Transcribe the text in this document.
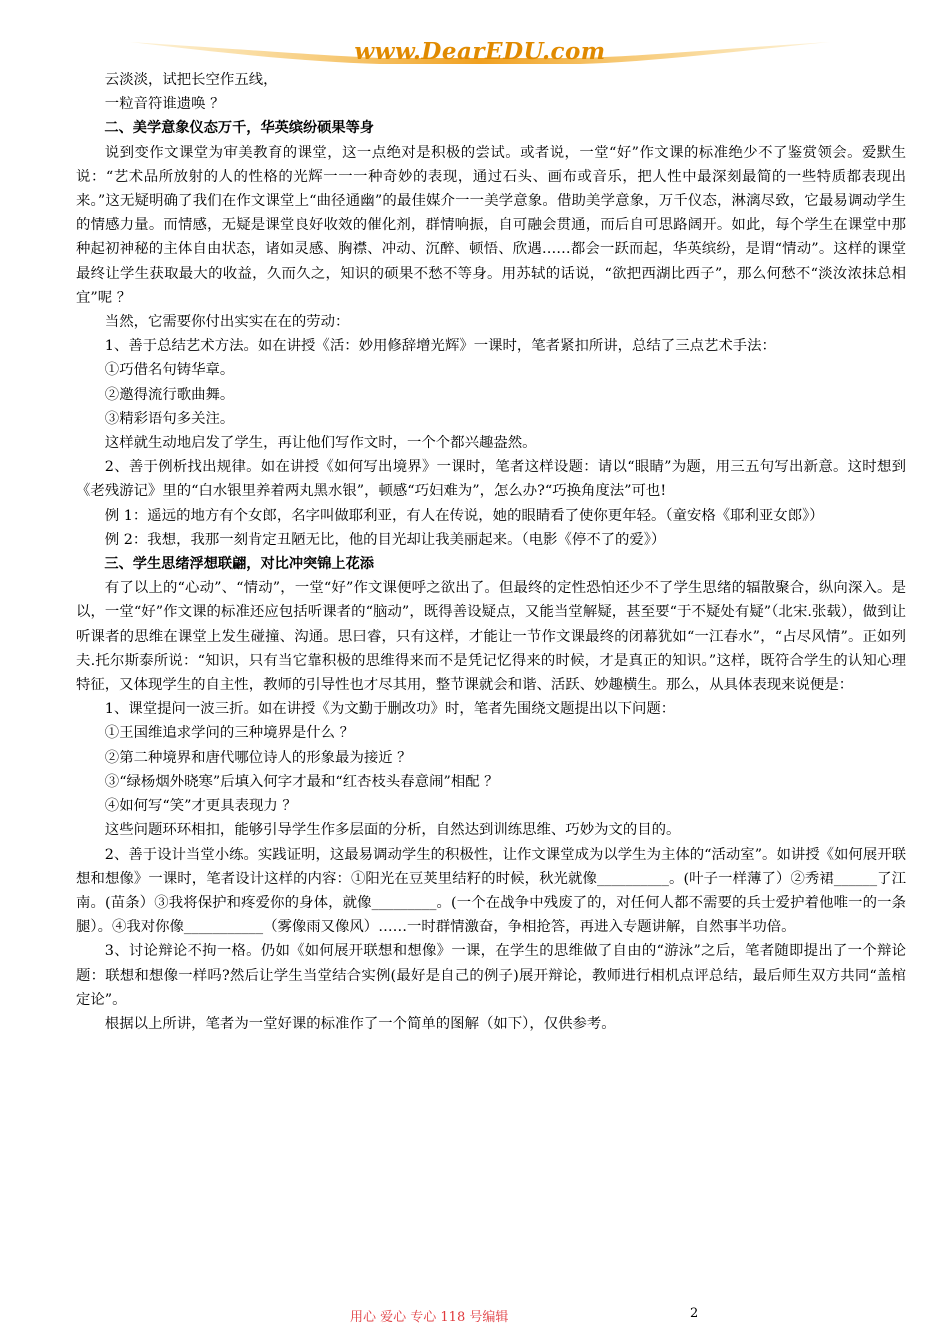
www.DearEDU.com

云淡淡，试把长空作五线，

一粒音符谁遗唤 ？

二、美学意象仪态万千，华英缤纷硕果等身

说到变作文课堂为审美教育的课堂，这一点绝对是积极的尝试。或者说，一堂“好”作文课的标准绝少不了鉴赏领会。爱默生说：“艺术品所放射的人的性格的光辉一一一种奇妙的表现，通过石头、画布或音乐，把人性中最深刻最简的一些特质都表现出来。”这无疑明确了我们在作文课堂上“曲径通幽”的最佳媒介一一美学意象。借助美学意象，万千仪态，淋漓尽致，它最易调动学生的情感力量。而情感，无疑是课堂良好收效的催化剂，群情响振，自可融会贯通，而后自可思路阔开。如此，每个学生在课堂中那种起初神秘的主体自由状态，诸如灵感、胸襟、冲动、沉醉、顿悟、欣遇……都会一跃而起，华英缤纷，是谓“情动”。这样的课堂最终让学生获取最大的收益，久而久之，知识的硕果不愁不等身。用苏轼的话说，“欲把西湖比西子”，那么何愁不“淡汝浓抹总相宜”呢 ？

当然，它需要你付出实实在在的劳动：

1、善于总结艺术方法。如在讲授《活：妙用修辞增光辉》一课时，笔者紧扣所讲，总结了三点艺术手法：

①巧借名句铸华章。

②邀得流行歌曲舞。

③精彩语句多关注。

这样就生动地启发了学生，再让他们写作文时，一个个都兴趣盎然。

2、善于例析找出规律。如在讲授《如何写出境界》一课时，笔者这样设题：请以“眼睛”为题，用三五句写出新意。这时想到《老残游记》里的“白水银里养着两丸黑水银”，顿感“巧妇难为”，怎么办?“巧换角度法”可也!

例 1：遥远的地方有个女郎，名字叫做耶利亚，有人在传说，她的眼睛看了使你更年轻。（童安格《耶利亚女郎》）

例 2：我想，我那一刻肯定丑陋无比，他的目光却让我美丽起来。（电影《停不了的爱》）

三、学生思绪浮想联翩，对比冲突锦上花添

有了以上的“心动”、“情动”，一堂“好”作文课便呼之欲出了。但最终的定性恐怕还少不了学生思绪的辐散聚合，纵向深入。是以，一堂“好”作文课的标准还应包括听课者的“脑动”，既得善设疑点，又能当堂解疑，甚至要“于不疑处有疑”（北宋.张载），做到让听课者的思维在课堂上发生碰撞、沟通。思曰睿，只有这样，才能让一节作文课最终的闭幕犹如“一江春水”，“占尽风情”。正如列夫.托尔斯泰所说：“知识，只有当它靠积极的思维得来而不是凭记忆得来的时候，才是真正的知识。”这样，既符合学生的认知心理特征，又体现学生的自主性，教师的引导性也才尽其用，整节课就会和谐、活跃、妙趣横生。那么，从具体表现来说便是：

1、课堂提问一波三折。如在讲授《为文勤于删改功》时，笔者先围绕文题提出以下问题：

①王国维追求学问的三种境界是什么 ？

②第二种境界和唐代哪位诗人的形象最为接近 ？

③“绿杨烟外晓寒”后填入何字才最和“红杏枝头春意闹”相配 ？

④如何写“笑”才更具表现力 ？

这些问题环环相扣，能够引导学生作多层面的分析，自然达到训练思维、巧妙为文的目的。

2、善于设计当堂小练。实践证明，这最易调动学生的积极性，让作文课堂成为以学生为主体的“活动室”。如讲授《如何展开联想和想像》一课时，笔者设计这样的内容：①阳光在豆荚里结籽的时候，秋光就像__________。(叶子一样薄了）②秀裙______了江南。(苗条）③我将保护和疼爱你的身体，就像_________。(一个在战争中残废了的，对任何人都不需要的兵士爱护着他唯一的一条腿）。④我对你像___________（雾像雨又像风）……一时群情激奋，争相抢答，再进入专题讲解，自然事半功倍。

3、讨论辩论不拘一格。仍如《如何展开联想和想像》一课，在学生的思维做了自由的“游泳”之后，笔者随即提出了一个辩论题：联想和想像一样吗?然后让学生当堂结合实例(最好是自己的例子)展开辩论，教师进行相机点评总结，最后师生双方共同“盖棺定论”。

根据以上所讲，笔者为一堂好课的标准作了一个简单的图解（如下），仅供参考。

用心 爱心 专心 118 号编辑	2
